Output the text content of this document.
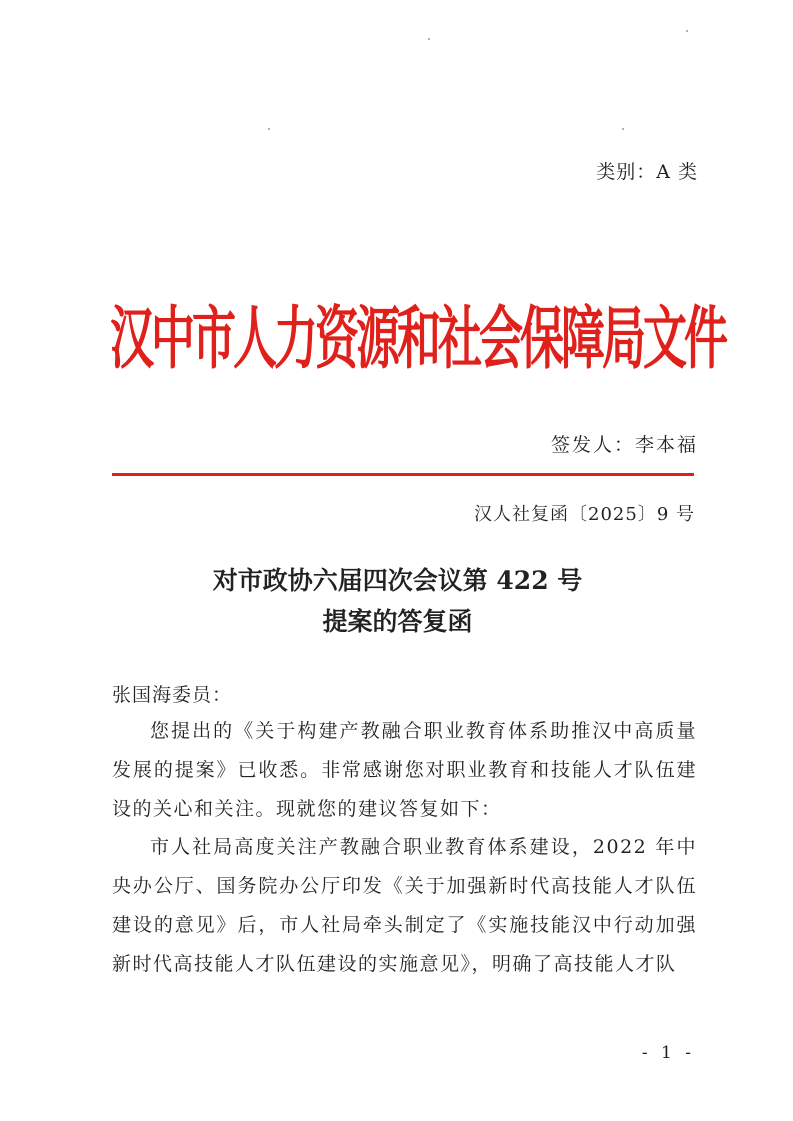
类别：A 类
汉中市人力资源和社会保障局文件
签发人：李本福
汉人社复函〔2025〕9 号
对市政协六届四次会议第 422 号
提案的答复函
张国海委员：

您提出的《关于构建产教融合职业教育体系助推汉中高质量发展的提案》已收悉。非常感谢您对职业教育和技能人才队伍建设的关心和关注。现就您的建议答复如下：

市人社局高度关注产教融合职业教育体系建设，2022 年中央办公厅、国务院办公厅印发《关于加强新时代高技能人才队伍建设的意见》后，市人社局牵头制定了《实施技能汉中行动加强新时代高技能人才队伍建设的实施意见》，明确了高技能人才队

- 1 -
